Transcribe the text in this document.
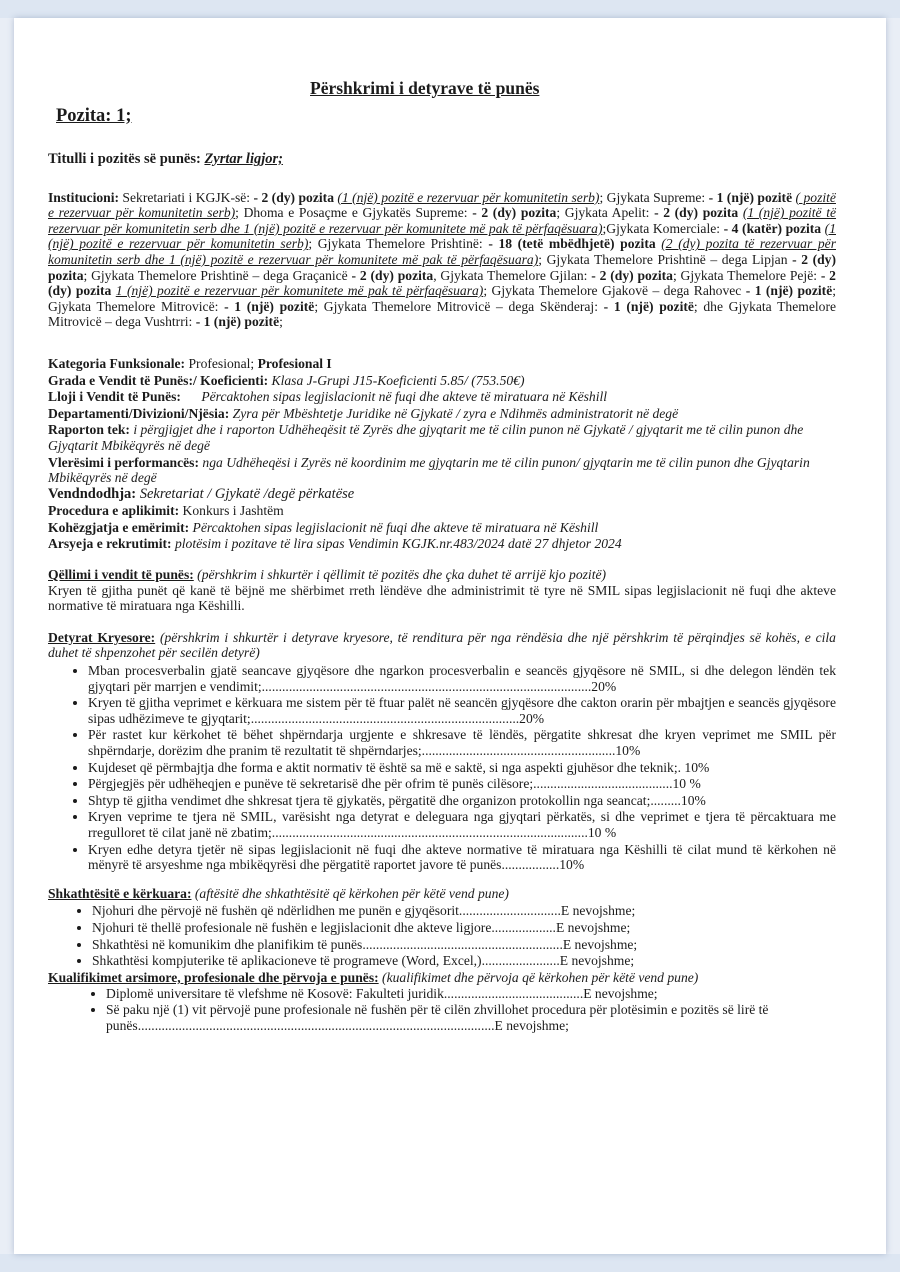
Përshkrimi i detyrave të punës
Pozita: 1;

Titulli i pozitës së punës: Zyrtar ligjor;

Institucioni: Sekretariati i KGJK-së: - 2 (dy) pozita (1 (një) pozitë e rezervuar për komunitetin serb); Gjykata Supreme: - 1 (një) pozitë ( pozitë e rezervuar për komunitetin serb); Dhoma e Posaçme e Gjykatës Supreme: - 2 (dy) pozita; Gjykata Apelit: - 2 (dy) pozita (1 (një) pozitë të rezervuar për komunitetin serb dhe 1 (një) pozitë e rezervuar për komunitete më pak të përfaqësuara);Gjykata Komerciale: - 4 (katër) pozita (1 (një) pozitë e rezervuar për komunitetin serb); Gjykata Themelore Prishtinë: - 18 (tetë mbëdhjetë) pozita (2 (dy) pozita të rezervuar për komunitetin serb dhe 1 (një) pozitë e rezervuar për komunitete më pak të përfaqësuara); Gjykata Themelore Prishtinë – dega Lipjan - 2 (dy) pozita; Gjykata Themelore Prishtinë – dega Graçanicë - 2 (dy) pozita, Gjykata Themelore Gjilan: - 2 (dy) pozita; Gjykata Themelore Pejë: - 2 (dy) pozita 1 (një) pozitë e rezervuar për komunitete më pak të përfaqësuara); Gjykata Themelore Gjakovë – dega Rahovec - 1 (një) pozitë; Gjykata Themelore Mitrovicë: - 1 (një) pozitë; Gjykata Themelore Mitrovicë – dega Skënderaj: - 1 (një) pozitë; dhe Gjykata Themelore Mitrovicë – dega Vushtrri: - 1 (një) pozitë;

Kategoria Funksionale: Profesional; Profesional I

Grada e Vendit të Punës:/ Koeficienti: Klasa J-Grupi J15-Koeficienti 5.85/ (753.50€)

Lloji i Vendit të Punës: Përcaktohen sipas legjislacionit në fuqi dhe akteve të miratuara në Këshill

Departamenti/Divizioni/Njësia: Zyra për Mbështetje Juridike në Gjykatë / zyra e Ndihmës administratorit në degë

Raporton tek: i përgjigjet dhe i raporton Udhëheqësit të Zyrës dhe gjyqtarit me të cilin punon në Gjykatë / gjyqtarit me të cilin punon dhe Gjyqtarit Mbikëqyrës në degë

Vlerësimi i performancës: nga Udhëheqësi i Zyrës në koordinim me gjyqtarin me të cilin punon/ gjyqtarin me të cilin punon dhe Gjyqtarin Mbikëqyrës në degë

Vendndodhja: Sekretariat / Gjykatë /degë përkatëse

Procedura e aplikimit: Konkurs i Jashtëm

Kohëzgjatja e emërimit: Përcaktohen sipas legjislacionit në fuqi dhe akteve të miratuara në Këshill

Arsyeja e rekrutimit: plotësim i pozitave të lira sipas Vendimin KGJK.nr.483/2024 datë 27 dhjetor 2024

Qëllimi i vendit të punës: (përshkrim i shkurtër i qëllimit të pozitës dhe çka duhet të arrijë kjo pozitë)

Kryen të gjitha punët që kanë të bëjnë me shërbimet rreth lëndëve dhe administrimit të tyre në SMIL sipas legjislacionit në fuqi dhe akteve normative të miratuara nga Këshilli.

Detyrat Kryesore: (përshkrim i shkurtër i detyrave kryesore, të renditura për nga rëndësia dhe një përshkrim të përqindjes së kohës, e cila duhet të shpenzohet për secilën detyrë)

• Mban procesverbalin gjatë seancave gjyqësore dhe ngarkon procesverbalin e seancës gjyqësore në SMIL, si dhe delegon lëndën tek gjyqtari për marrjen e vendimit;.................................................................................................20%
• Kryen të gjitha veprimet e kërkuara me sistem për të ftuar palët në seancën gjyqësore dhe cakton orarin për mbajtjen e seancës gjyqësore sipas udhëzimeve te gjyqtarit;...............................................................................20%
• Për rastet kur kërkohet të bëhet shpërndarja urgjente e shkresave të lëndës, përgatite shkresat dhe kryen veprimet me SMIL për shpërndarje, dorëzim dhe pranim të rezultatit të shpërndarjes;.........................................................10%
• Kujdeset që përmbajtja dhe forma e aktit normativ të është sa më e saktë, si nga aspekti gjuhësor dhe teknik;. 10%
• Përgjegjës për udhëheqjen e punëve të sekretarisë dhe për ofrim të punës cilësore;.........................................10 %
• Shtyp të gjitha vendimet dhe shkresat tjera të gjykatës, përgatitë dhe organizon protokollin nga seancat;.........10%
• Kryen veprime te tjera në SMIL, varësisht nga detyrat e deleguara nga gjyqtari përkatës, si dhe veprimet e tjera të përcaktuara me rregulloret të cilat janë në zbatim;.............................................................................................10 %
• Kryen edhe detyra tjetër në sipas legjislacionit në fuqi dhe akteve normative të miratuara nga Këshilli të cilat mund të kërkohen në mënyrë të arsyeshme nga mbikëqyrësi dhe përgatitë raportet javore të punës.................10%

Shkathtësitë e kërkuara: (aftësitë dhe shkathtësitë që kërkohen për këtë vend pune)

• Njohuri dhe përvojë në fushën që ndërlidhen me punën e gjyqësorit..............................E nevojshme;
• Njohuri të thellë profesionale në fushën e legjislacionit dhe akteve ligjore...................E nevojshme;
• Shkathtësi në komunikim dhe planifikim të punës...........................................................E nevojshme;
• Shkathtësi kompjuterike të aplikacioneve të programeve (Word, Excel,).......................E nevojshme;

Kualifikimet arsimore, profesionale dhe përvoja e punës: (kualifikimet dhe përvoja që kërkohen për këtë vend pune)

• Diplomë universitare të vlefshme në Kosovë: Fakulteti juridik.........................................E nevojshme;
• Së paku një (1) vit përvojë pune profesionale në fushën për të cilën zhvillohet procedura për plotësimin e pozitës së lirë të punës.........................................................................................................E nevojshme;
